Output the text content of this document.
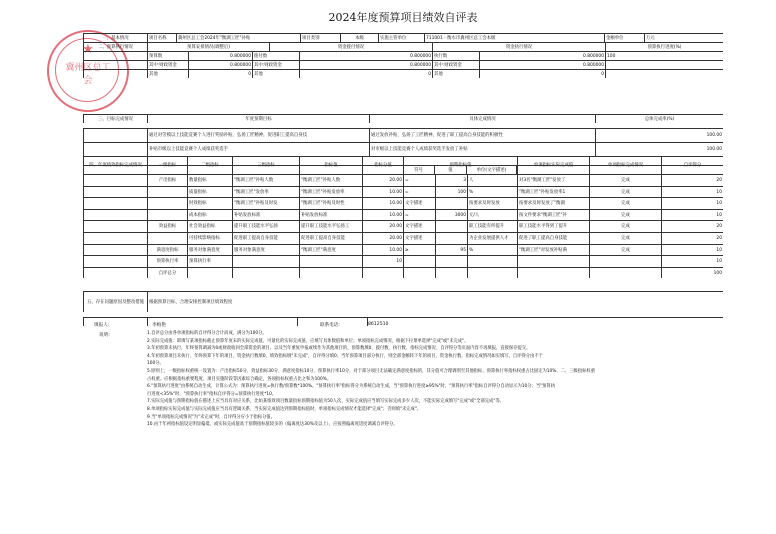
2024年度预算项目绩效自评表
★
冀州区总工会
一、基本情况	项目名称	冀州区总工会2024年"衡湖工匠"补贴	项目类别	本级	实施主管单位	711001 - 衡水市冀州区总工会本级	金额单位	万元
二、预算执行情况	预算安排情况(调整后)	资金拨付情况	资金执行情况	预算执行进度(%)
预算数	0.800000 拨付数	0.800000 执行数	0.800000 100
其中:财政资金	0.800000 其中:财政资金	0.800000 其中:财政资金	0.800000
其他	0 其他	0 其他	0
三、目标完成情况	年度预期目标	具体完成情况	总体完成率(%)
通过对劳模以上技能竞赛个人进行奖励补贴，弘扬工匠精神，促进职工提高自身技	通过发放补贴，弘扬了工匠精神，促进了职工提高自身技能的积极性	100.00
补贴市级以上技能竞赛个人成绩获奖选手	对市级以上技能竞赛个人成绩获奖选手发放了补贴	100.00
四、年度绩效指标完成情况	一级指标	二级指标	三级指标	指标值	指标分值	预期指标值	单项指标实际完成值	单项指标完成情况	自评得分
符号	值	单位(文字描述)
产出指标	数量指标	"衡湖工匠"补贴人数	"衡湖工匠"补贴人数	20.00 =	3 人	对3名"衡湖工匠"发放了	完成	20
质量指标	"衡湖工匠"发放率	"衡湖工匠"补贴发放率	10.00 =	100 %	"衡湖工匠"补贴发放率1	完成	10
时效指标	"衡湖工匠"补贴及时发	"衡湖工匠"补贴及时性	10.00 文字描述	按要求及时发放	按要求及时发放了"衡湖	完成	10
成本指标	补贴发放标准	补贴发放标准	10.00 =	3000 元/人	按文件要求"衡湖工匠"补	完成	10
效益指标	社会效益指标	提升职工技能水平弘扬	提升职工技能水平弘扬工	20.00 文字描述	职工技能有所提升	职工技能水平得到了提升	完成	20
可持续影响指标	促进职工提高自身技能	促进职工提高自身技能	20.00 文字描述	为企业发展提供人才	促进了职工提高自身技能	完成	20
满意度指标	服务对象满意度	服务对象满意度	"衡湖工匠"满意度	10.00 ≥	95 %	"衡湖工匠"对发放补贴满	完成	10
预算执行率	预算执行率	10	10
自评总分	100
五、存在问题原因及整改措施	根据预算目标，合理安排控制项目绩效程度
填报人:	李梅艳	联系电话:	8612510
说明:	1.自评总分由各单项指标的自评得分合计而成，满分为100分。
2.实际完成值：即填写某项指标截止预算年度末的实际完成值，可量化的实际完成值，应填写具体数值和单位；单项指标完成情况，根据下拉菜单选择"完成"或"未完成"。
3.年初预算未执行，年终预算调减为0或财政收回全部资金的项目，以及当年重复申报或续作为其他项目的，预算数填0，拨付数、执行数、指标完成情况、自评得分等页面内容不再填报，直接保存提交。
4.年初预算项目未执行，年终预算下年的项目，资金执行数填0，绩效指标填"未完成"，自评得分填0；当年预算项目部分执行，则全部金额转下年的项目，资金执行数，指标完成情况如实填写，自评得分由不于
100分。
5.原则上，一级指标权重统一设置为：产出指标50分、效益指标30分、满意度指标10分、预算执行率10分，对于部分项目无法确定满意度指标的，其分值可合理调剂至其他指标，预算执行率指标权重占比固定为10%，二、三级指标权重
占权重。应根据指标重要程度、项目实施阶段等因素综合确定，各项指标权重占比之和为100%。
6."预算执行进度"由系统自动生成，计算公式为：预算执行进度=执行数/预算数*100%。"预算执行率"指标得分为系统自动生成，当"预算执行进度≥95%"时，"预算执行率"指标自评得分自动显示为10分；当"预算执
行进度<35%"时，"预算执行率"指标自评得分=预算执行进度*10。
7.实际完成值与预期指标值在描述上应当具有对应关系，比如某绩效项目数量指标预期指标值为50人次，实际完成值应当填写实际完成多少人次，不能实际完成填写"完成"或"全部完成"等。
8.单项指标实际完成值与实际完成值应当具有逻辑关系，当实际完成值达到预期指标值时，单项指标完成情况才能选择"完成"；否则填"未完成"。
9.当"单项指标完成情况"为"未完成"时，自评得分应小于指标分值。
10.由于年初指标值设定明显偏低，或实际完成值高于预期指标值较多的（偏离度达30%及以上），应按照偏离度适度调减自评得分。
